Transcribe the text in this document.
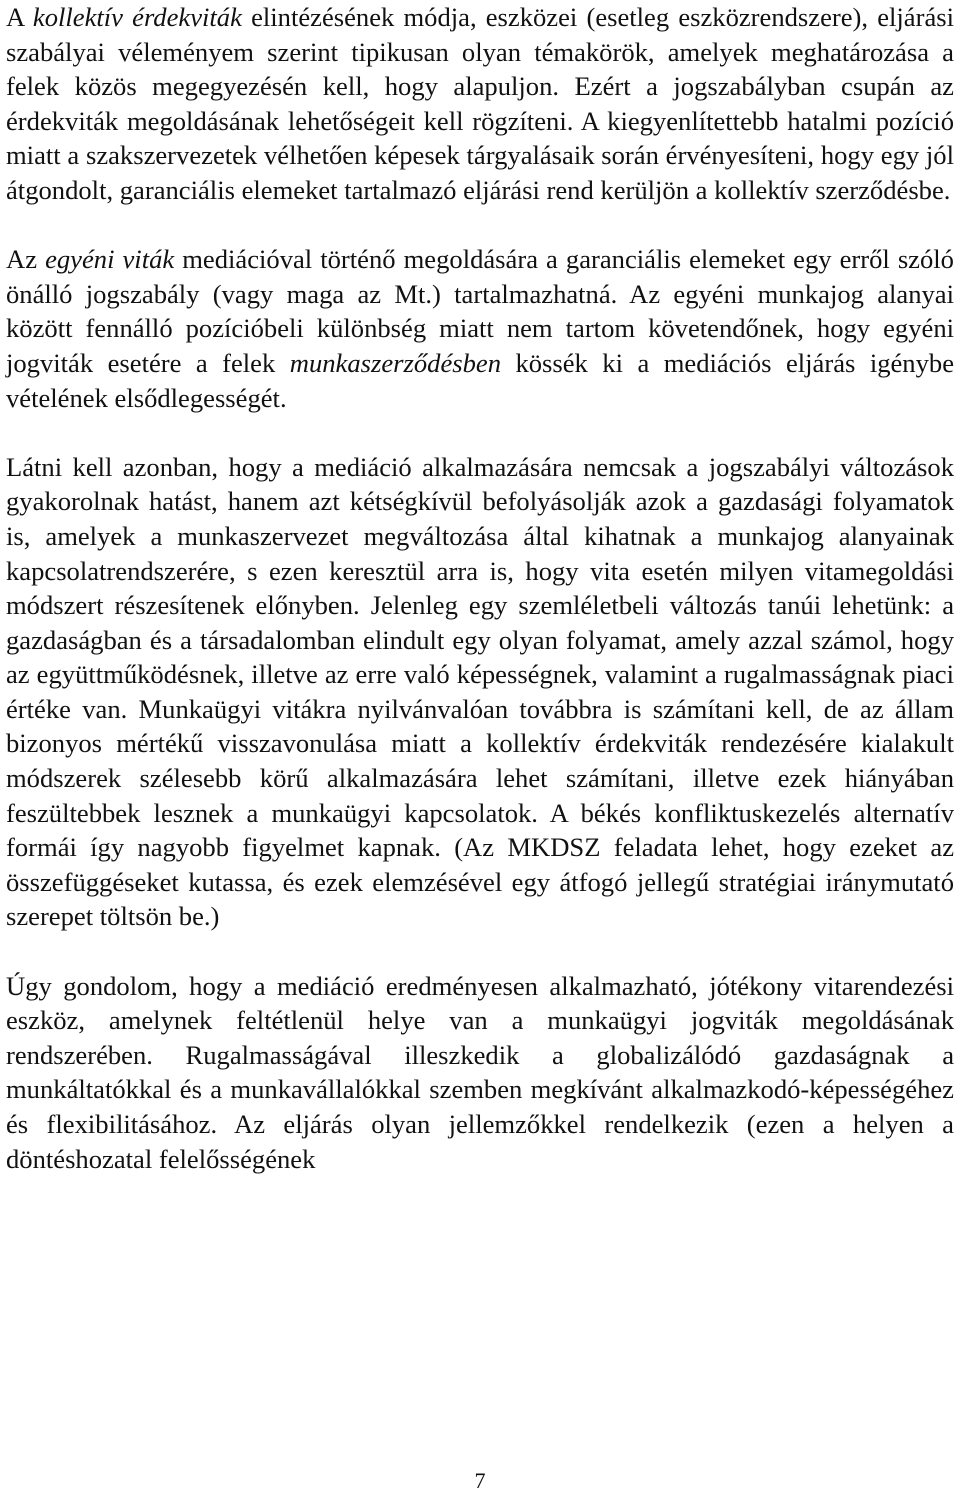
A kollektív érdekviták elintézésének módja, eszközei (esetleg eszközrendszere), eljárási szabályai véleményem szerint tipikusan olyan témakörök, amelyek meghatározása a felek közös megegyezésén kell, hogy alapuljon. Ezért a jogszabályban csupán az érdekviták megoldásának lehetőségeit kell rögzíteni. A kiegyenlítettebb hatalmi pozíció miatt a szakszervezetek vélhetően képesek tárgyalásaik során érvényesíteni, hogy egy jól átgondolt, garanciális elemeket tartalmazó eljárási rend kerüljön a kollektív szerződésbe.

Az egyéni viták mediációval történő megoldására a garanciális elemeket egy erről szóló önálló jogszabály (vagy maga az Mt.) tartalmazhatná. Az egyéni munkajog alanyai között fennálló pozícióbeli különbség miatt nem tartom követendőnek, hogy egyéni jogviták esetére a felek munkaszerződésben kössék ki a mediációs eljárás igénybe vételének elsődlegességét.

Látni kell azonban, hogy a mediáció alkalmazására nemcsak a jogszabályi változások gyakorolnak hatást, hanem azt kétségkívül befolyásolják azok a gazdasági folyamatok is, amelyek a munkaszervezet megváltozása által kihatnak a munkajog alanyainak kapcsolatrendszerére, s ezen keresztül arra is, hogy vita esetén milyen vitamegoldási módszert részesítenek előnyben. Jelenleg egy szemléletbeli változás tanúi lehetünk: a gazdaságban és a társadalomban elindult egy olyan folyamat, amely azzal számol, hogy az együttműködésnek, illetve az erre való képességnek, valamint a rugalmasságnak piaci értéke van. Munkaügyi vitákra nyilvánvalóan továbbra is számítani kell, de az állam bizonyos mértékű visszavonulása miatt a kollektív érdekviták rendezésére kialakult módszerek szélesebb körű alkalmazására lehet számítani, illetve ezek hiányában feszültebbek lesznek a munkaügyi kapcsolatok. A békés konfliktuskezelés alternatív formái így nagyobb figyelmet kapnak. (Az MKDSZ feladata lehet, hogy ezeket az összefüggéseket kutassa, és ezek elemzésével egy átfogó jellegű stratégiai iránymutató szerepet töltsön be.)

Úgy gondolom, hogy a mediáció eredményesen alkalmazható, jótékony vitarendezési eszköz, amelynek feltétlenül helye van a munkaügyi jogviták megoldásának rendszerében. Rugalmasságával illeszkedik a globalizálódó gazdaságnak a munkáltatókkal és a munkavállalókkal szemben megkívánt alkalmazkodó-képességéhez és flexibilitásához. Az eljárás olyan jellemzőkkel rendelkezik (ezen a helyen a döntéshozatal felelősségének

7
